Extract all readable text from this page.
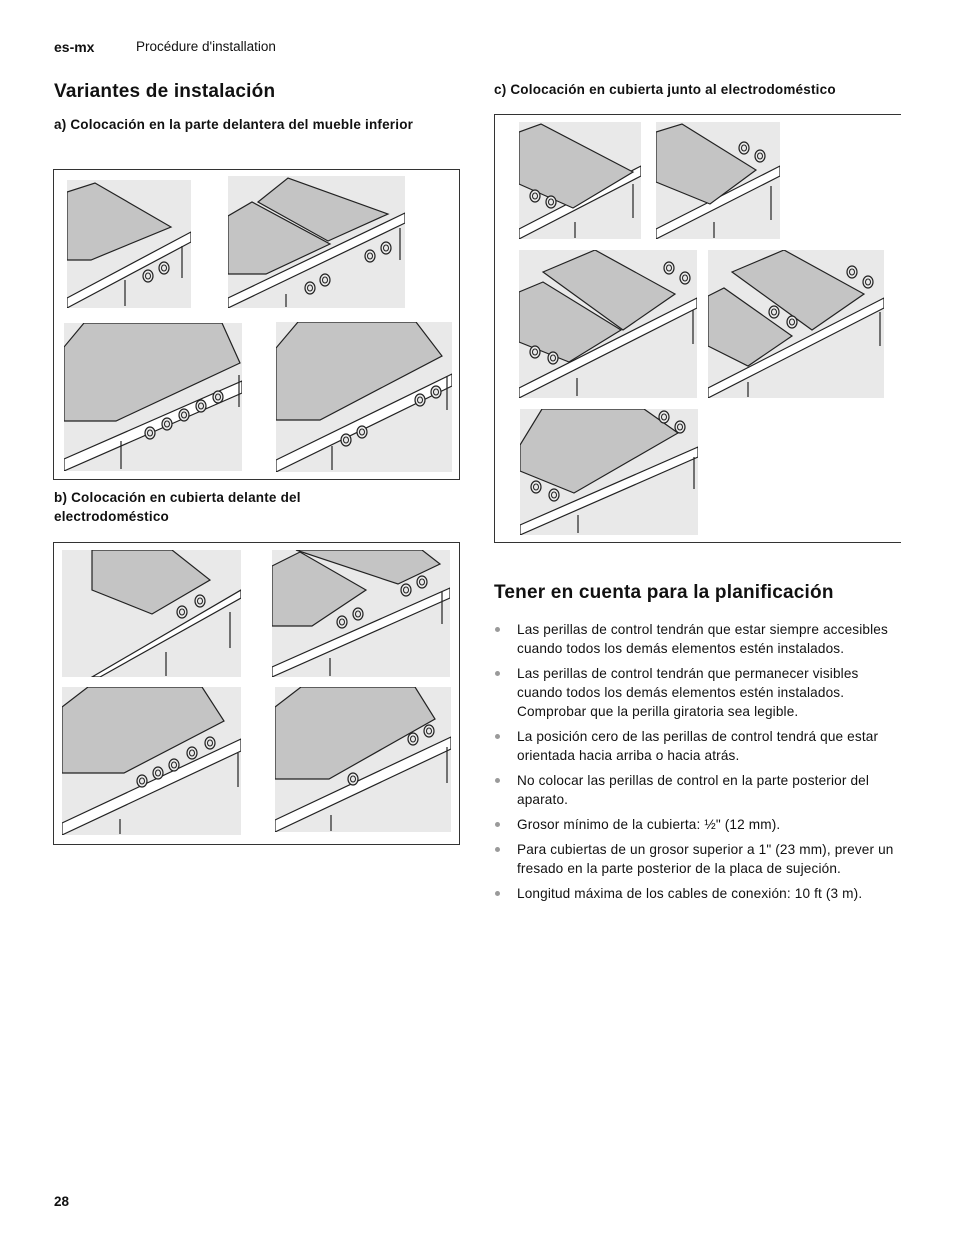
es-mx	Procédure d'installation
Variantes de instalación
a) Colocación en la parte delantera del mueble inferior
b) Colocación en cubierta delante del electrodoméstico
c) Colocación en cubierta junto al electrodoméstico
Tener en cuenta para la planificación
Las perillas de control tendrán que estar siempre accesibles cuando todos los demás elementos estén instalados.
Las perillas de control tendrán que permanecer visibles cuando todos los demás elementos estén instalados. Comprobar que la perilla giratoria sea legible.
La posición cero de las perillas de control tendrá que estar orientada hacia arriba o hacia atrás.
No colocar las perillas de control en la parte posterior del aparato.
Grosor mínimo de la cubierta: ½" (12 mm).
Para cubiertas de un grosor superior a 1" (23 mm), prever un fresado en la parte posterior de la placa de sujeción.
Longitud máxima de los cables de conexión: 10 ft (3 m).
28
